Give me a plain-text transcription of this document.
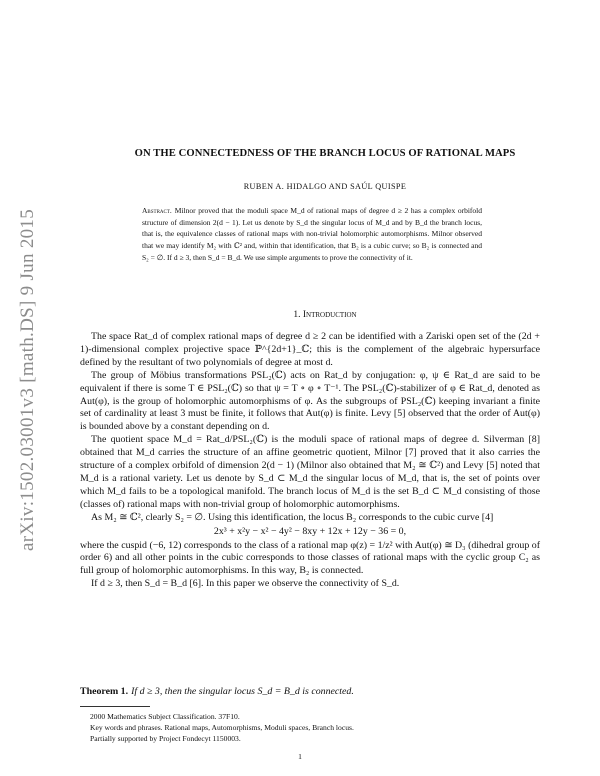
arXiv:1502.03001v3 [math.DS] 9 Jun 2015
ON THE CONNECTEDNESS OF THE BRANCH LOCUS OF RATIONAL MAPS
RUBEN A. HIDALGO AND SAÚL QUISPE
Abstract. Milnor proved that the moduli space M_d of rational maps of degree d ≥ 2 has a complex orbifold structure of dimension 2(d − 1). Let us denote by S_d the singular locus of M_d and by B_d the branch locus, that is, the equivalence classes of rational maps with non-trivial holomorphic automorphisms. Milnor observed that we may identify M₂ with ℂ² and, within that identification, that B₂ is a cubic curve; so B₂ is connected and S₂ = ∅. If d ≥ 3, then S_d = B_d. We use simple arguments to prove the connectivity of it.
1. Introduction

The space Rat_d of complex rational maps of degree d ≥ 2 can be identified with a Zariski open set of the (2d + 1)-dimensional complex projective space ℙ^{2d+1}_ℂ; this is the complement of the algebraic hypersurface defined by the resultant of two polynomials of degree at most d.

The group of Möbius transformations PSL₂(ℂ) acts on Rat_d by conjugation: φ, ψ ∈ Rat_d are said to be equivalent if there is some T ∈ PSL₂(ℂ) so that ψ = T ∘ φ ∘ T⁻¹. The PSL₂(ℂ)-stabilizer of φ ∈ Rat_d, denoted as Aut(φ), is the group of holomorphic automorphisms of φ. As the subgroups of PSL₂(ℂ) keeping invariant a finite set of cardinality at least 3 must be finite, it follows that Aut(φ) is finite. Levy [5] observed that the order of Aut(φ) is bounded above by a constant depending on d.

The quotient space M_d = Rat_d/PSL₂(ℂ) is the moduli space of rational maps of degree d. Silverman [8] obtained that M_d carries the structure of an affine geometric quotient, Milnor [7] proved that it also carries the structure of a complex orbifold of dimension 2(d − 1) (Milnor also obtained that M₂ ≅ ℂ²) and Levy [5] noted that M_d is a rational variety. Let us denote by S_d ⊂ M_d the singular locus of M_d, that is, the set of points over which M_d fails to be a topological manifold. The branch locus of M_d is the set B_d ⊂ M_d consisting of those (classes of) rational maps with non-trivial group of holomorphic automorphisms.

As M₂ ≅ ℂ², clearly S₂ = ∅. Using this identification, the locus B₂ corresponds to the cubic curve [4]

2x³ + x²y − x² − 4y² − 8xy + 12x + 12y − 36 = 0,

where the cuspid (−6, 12) corresponds to the class of a rational map φ(z) = 1/z² with Aut(φ) ≅ D₃ (dihedral group of order 6) and all other points in the cubic corresponds to those classes of rational maps with the cyclic group C₂ as full group of holomorphic automorphisms. In this way, B₂ is connected.

If d ≥ 3, then S_d = B_d [6]. In this paper we observe the connectivity of S_d.

Theorem 1. If d ≥ 3, then the singular locus S_d = B_d is connected.
2000 Mathematics Subject Classification. 37F10.
Key words and phrases. Rational maps, Automorphisms, Moduli spaces, Branch locus.
Partially supported by Project Fondecyt 1150003.
1
